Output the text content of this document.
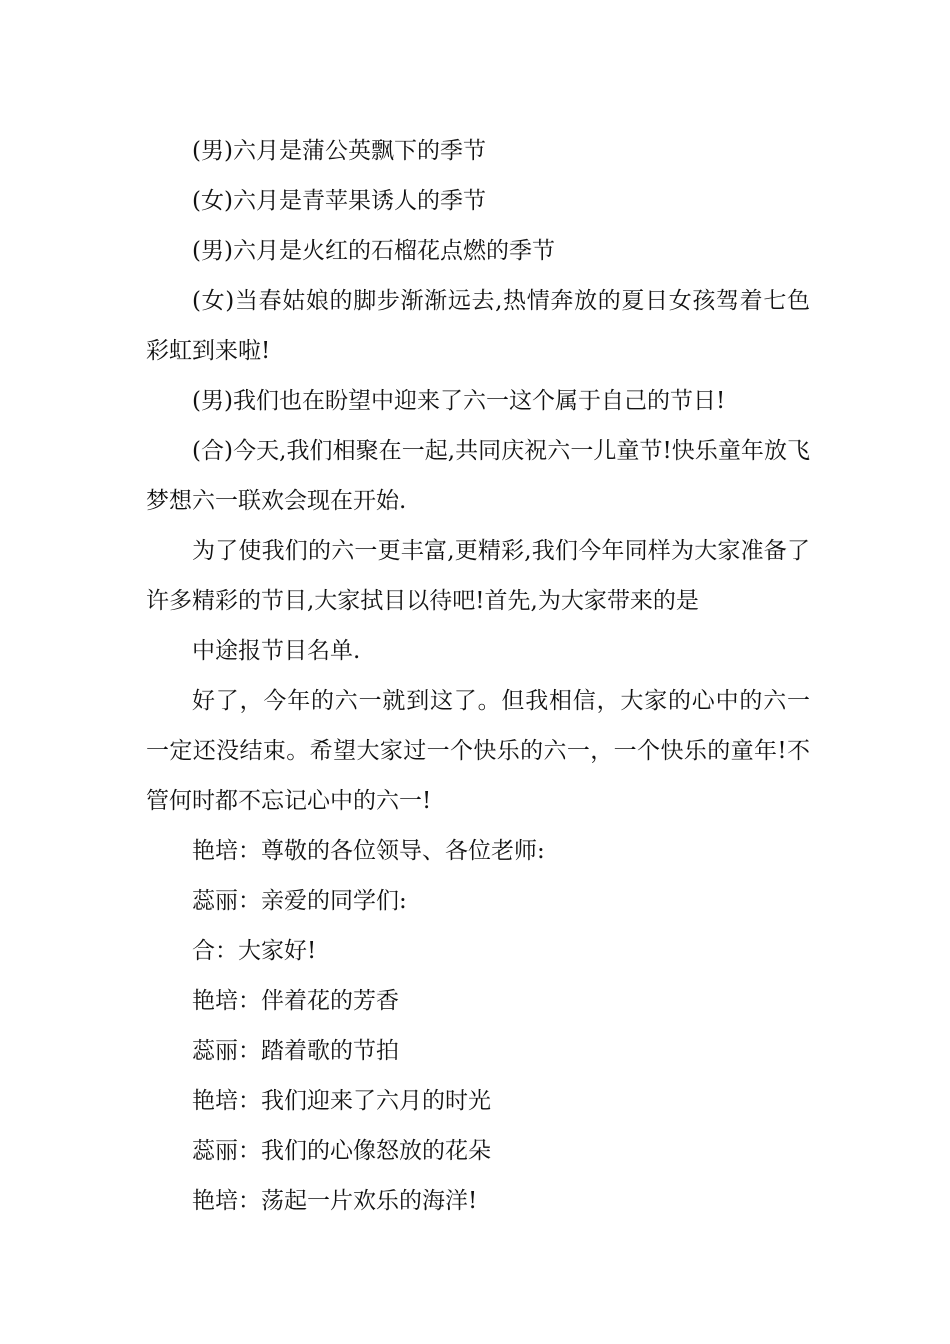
(男)六月是蒲公英飘下的季节

(女)六月是青苹果诱人的季节

(男)六月是火红的石榴花点燃的季节

(女)当春姑娘的脚步渐渐远去,热情奔放的夏日女孩驾着七色彩虹到来啦!

(男)我们也在盼望中迎来了六一这个属于自己的节日!

(合)今天,我们相聚在一起,共同庆祝六一儿童节!快乐童年放飞梦想六一联欢会现在开始.

为了使我们的六一更丰富,更精彩,我们今年同样为大家准备了许多精彩的节目,大家拭目以待吧!首先,为大家带来的是

中途报节目名单.

好了，今年的六一就到这了。但我相信，大家的心中的六一一定还没结束。希望大家过一个快乐的六一，一个快乐的童年!不管何时都不忘记心中的六一!

艳培：尊敬的各位领导、各位老师:

蕊丽：亲爱的同学们:

合：大家好!

艳培：伴着花的芳香

蕊丽：踏着歌的节拍

艳培：我们迎来了六月的时光

蕊丽：我们的心像怒放的花朵

艳培：荡起一片欢乐的海洋!
